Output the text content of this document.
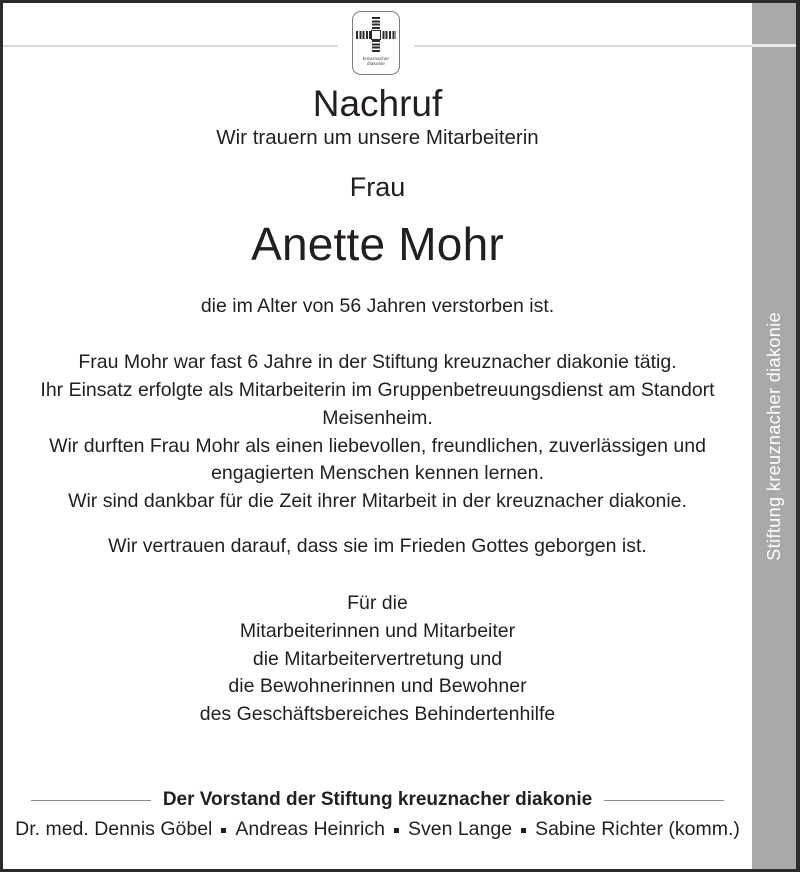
Stiftung kreuznacher diakonie
kreuznacher
diakonie
Nachruf
Wir trauern um unsere Mitarbeiterin
Frau
Anette Mohr
die im Alter von 56 Jahren verstorben ist.

Frau Mohr war fast 6 Jahre in der Stiftung kreuznacher diakonie tätig.

Ihr Einsatz erfolgte als Mitarbeiterin im Gruppenbetreuungsdienst am Standort

Meisenheim.

Wir durften Frau Mohr als einen liebevollen, freundlichen, zuverlässigen und

engagierten Menschen kennen lernen.

Wir sind dankbar für die Zeit ihrer Mitarbeit in der kreuznacher diakonie.

Wir vertrauen darauf, dass sie im Frieden Gottes geborgen ist.

Für die

Mitarbeiterinnen und Mitarbeiter

die Mitarbeitervertretung und

die Bewohnerinnen und Bewohner

des Geschäftsbereiches Behindertenhilfe

Der Vorstand der Stiftung kreuznacher diakonie
Dr. med. Dennis Göbel Andreas Heinrich Sven Lange Sabine Richter (komm.)
